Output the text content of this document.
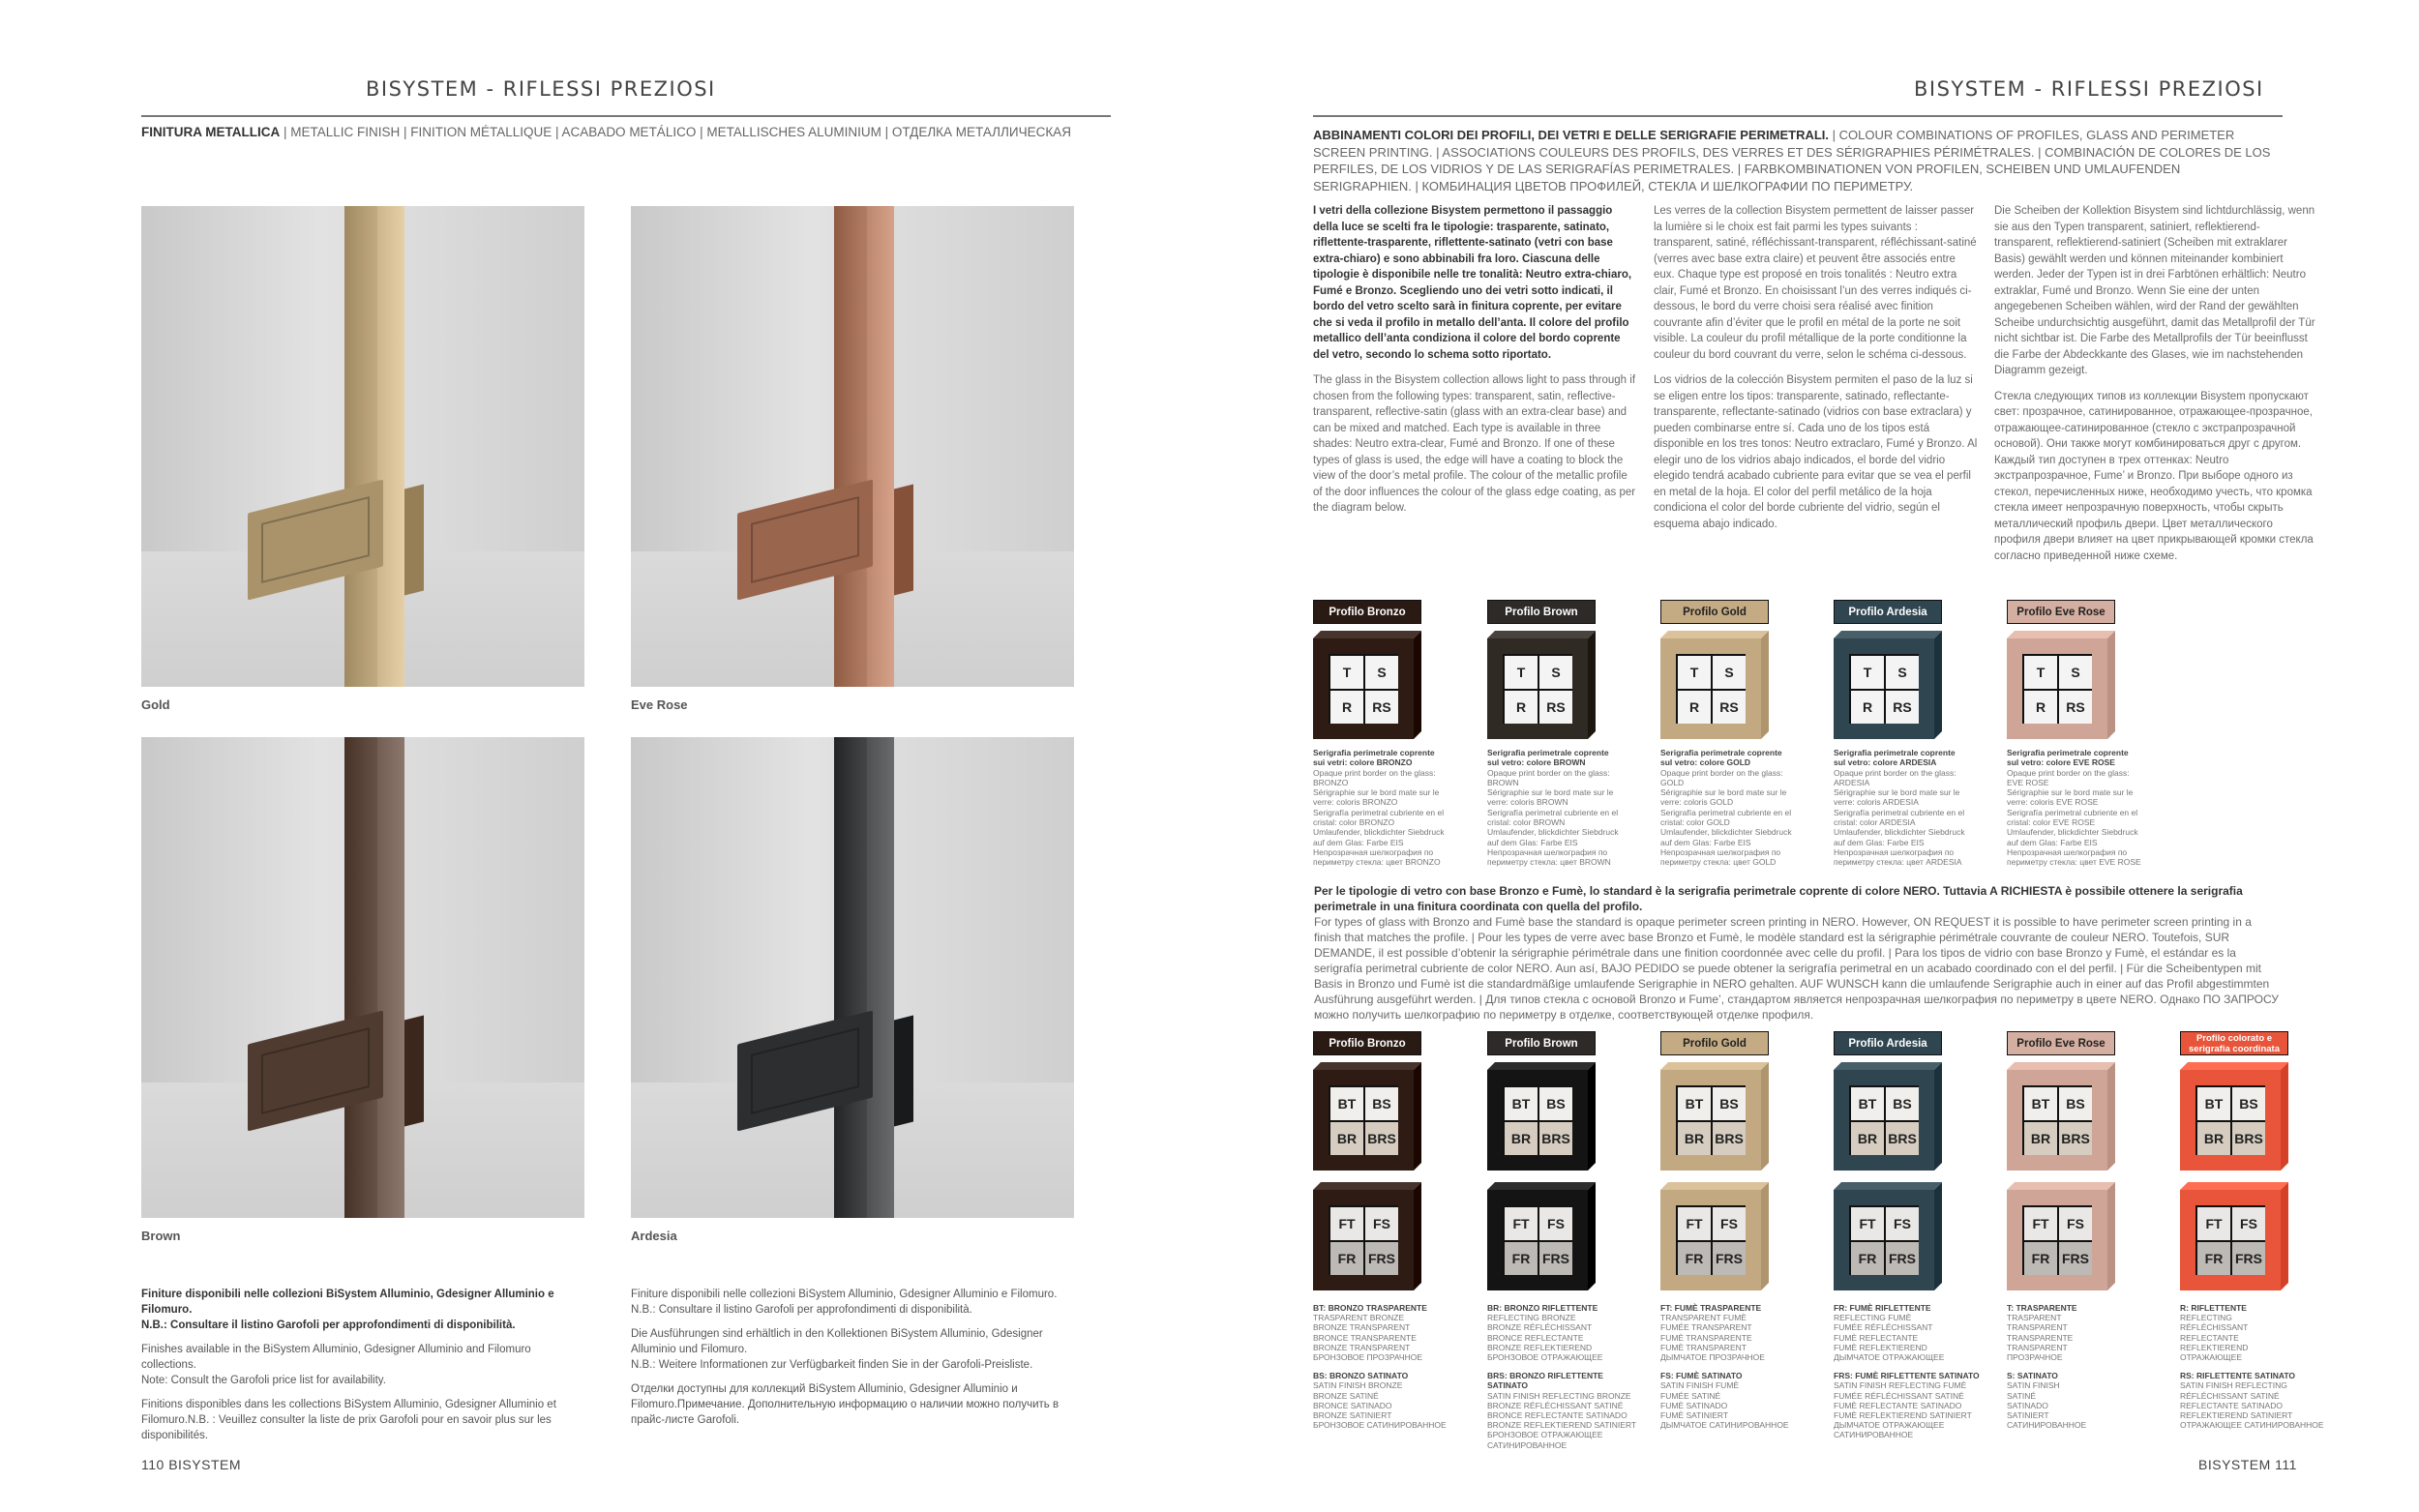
BISYSTEM - RIFLESSI PREZIOSI
FINITURA METALLICA | METALLIC FINISH | FINITION MÉTALLIQUE | ACABADO METÁLICO | METALLISCHES ALUMINIUM | ОТДЕЛКА МЕТАЛЛИЧЕСКАЯ
Gold	Eve Rose
Brown	Ardesia

Finiture disponibili nelle collezioni BiSystem Alluminio, Gdesigner Alluminio e Filomuro.
N.B.: Consultare il listino Garofoli per approfondimenti di disponibilità.

Finishes available in the BiSystem Alluminio, Gdesigner Alluminio and Filomuro collections.
Note: Consult the Garofoli price list for availability.

Finitions disponibles dans les collections BiSystem Alluminio, Gdesigner Alluminio et Filomuro.N.B. : Veuillez consulter la liste de prix Garofoli pour en savoir plus sur les disponibilités.

Finiture disponibili nelle collezioni BiSystem Alluminio, Gdesigner Alluminio e Filomuro.
N.B.: Consultare il listino Garofoli per approfondimenti di disponibilità.

Die Ausführungen sind erhältlich in den Kollektionen BiSystem Alluminio, Gdesigner Alluminio und Filomuro.
N.B.: Weitere Informationen zur Verfügbarkeit finden Sie in der Garofoli-Preisliste.

Отделки доступны для коллекций BiSystem Alluminio, Gdesigner Alluminio и Filomuro.Примечание. Дополнительную информацию о наличии можно получить в прайс-листе Garofoli.

110 BISYSTEM
BISYSTEM - RIFLESSI PREZIOSI
ABBINAMENTI COLORI DEI PROFILI, DEI VETRI E DELLE SERIGRAFIE PERIMETRALI. | COLOUR COMBINATIONS OF PROFILES, GLASS AND PERIMETER SCREEN PRINTING. | ASSOCIATIONS COULEURS DES PROFILS, DES VERRES ET DES SÉRIGRAPHIES PÉRIMÉTRALES. | COMBINACIÓN DE COLORES DE LOS PERFILES, DE LOS VIDRIOS Y DE LAS SERIGRAFÍAS PERIMETRALES. | FARBKOMBINATIONEN VON PROFILEN, SCHEIBEN UND UMLAUFENDEN SERIGRAPHIEN. | КОМБИНАЦИЯ ЦВЕТОВ ПРОФИЛЕЙ, СТЕКЛА И ШЕЛКОГРАФИИ ПО ПЕРИМЕТРУ.

I vetri della collezione Bisystem permettono il passaggio della luce se scelti fra le tipologie: trasparente, satinato, riflettente-trasparente, riflettente-satinato (vetri con base extra-chiaro) e sono abbinabili fra loro. Ciascuna delle tipologie è disponibile nelle tre tonalità: Neutro extra-chiaro, Fumé e Bronzo. Scegliendo uno dei vetri sotto indicati, il bordo del vetro scelto sarà in finitura coprente, per evitare che si veda il profilo in metallo dell’anta. Il colore del profilo metallico dell’anta condiziona il colore del bordo coprente del vetro, secondo lo schema sotto riportato.

The glass in the Bisystem collection allows light to pass through if chosen from the following types: transparent, satin, reflective-transparent, reflective-satin (glass with an extra-clear base) and can be mixed and matched. Each type is available in three shades: Neutro extra-clear, Fumé and Bronzo. If one of these types of glass is used, the edge will have a coating to block the view of the door’s metal profile. The colour of the metallic profile of the door influences the colour of the glass edge coating, as per the diagram below.

Les verres de la collection Bisystem permettent de laisser passer la lumière si le choix est fait parmi les types suivants : transparent, satiné, réfléchissant-transparent, réfléchissant-satiné (verres avec base extra claire) et peuvent être associés entre eux. Chaque type est proposé en trois tonalités : Neutro extra clair, Fumé et Bronzo. En choisissant l’un des verres indiqués ci-dessous, le bord du verre choisi sera réalisé avec finition couvrante afin d’éviter que le profil en métal de la porte ne soit visible. La couleur du profil métallique de la porte conditionne la couleur du bord couvrant du verre, selon le schéma ci-dessous.

Los vidrios de la colección Bisystem permiten el paso de la luz si se eligen entre los tipos: transparente, satinado, reflectante-transparente, reflectante-satinado (vidrios con base extraclara) y pueden combinarse entre sí. Cada uno de los tipos está disponible en los tres tonos: Neutro extraclaro, Fumé y Bronzo. Al elegir uno de los vidrios abajo indicados, el borde del vidrio elegido tendrá acabado cubriente para evitar que se vea el perfil en metal de la hoja. El color del perfil metálico de la hoja condiciona el color del borde cubriente del vidrio, según el esquema abajo indicado.

Die Scheiben der Kollektion Bisystem sind lichtdurchlässig, wenn sie aus den Typen transparent, satiniert, reflektierend-transparent, reflektierend-satiniert (Scheiben mit extraklarer Basis) gewählt werden und können miteinander kombiniert werden. Jeder der Typen ist in drei Farbtönen erhältlich: Neutro extraklar, Fumé und Bronzo. Wenn Sie eine der unten angegebenen Scheiben wählen, wird der Rand der gewählten Scheibe undurchsichtig ausgeführt, damit das Metallprofil der Tür nicht sichtbar ist. Die Farbe des Metallprofils der Tür beeinflusst die Farbe der Abdeckkante des Glases, wie im nachstehenden Diagramm gezeigt.

Стекла следующих типов из коллекции Bisystem пропускают свет: прозрачное, сатинированное, отражающее-прозрачное, отражающее-сатинированное (стекло с экстрапрозрачной основой). Они также могут комбинироваться друг с другом. Каждый тип доступен в трех оттенках: Neutro экстрапрозрачное, Fume’ и Bronzo. При выборе одного из стекол, перечисленных ниже, необходимо учесть, что кромка стекла имеет непрозрачную поверхность, чтобы скрыть металлический профиль двери. Цвет металлического профиля двери влияет на цвет прикрывающей кромки стекла согласно приведенной ниже схеме.

Profilo Bronzo
T	S
R	RS
Serigrafia perimetrale coprente sui vetri: colore BRONZO
Opaque print border on the glass: BRONZO
Sérigraphie sur le bord mate sur le verre: coloris BRONZO
Serigrafía perimetral cubriente en el cristal: color BRONZO
Umlaufender, blickdichter Siebdruck auf dem Glas: Farbe EIS
Непрозрачная шелкография по периметру стекла: цвет BRONZO
Profilo Brown
T	S
R	RS
Serigrafia perimetrale coprente sul vetro: colore BROWN
Opaque print border on the glass: BROWN
Sérigraphie sur le bord mate sur le verre: coloris BROWN
Serigrafía perimetral cubriente en el cristal: color BROWN
Umlaufender, blickdichter Siebdruck auf dem Glas: Farbe EIS
Непрозрачная шелкография по периметру стекла: цвет BROWN
Profilo Gold
T	S
R	RS
Serigrafia perimetrale coprente sul vetro: colore GOLD
Opaque print border on the glass: GOLD
Sérigraphie sur le bord mate sur le verre: coloris GOLD
Serigrafía perimetral cubriente en el cristal: color GOLD
Umlaufender, blickdichter Siebdruck auf dem Glas: Farbe EIS
Непрозрачная шелкография по периметру стекла: цвет GOLD
Profilo Ardesia
T	S
R	RS
Serigrafia perimetrale coprente sul vetro: colore ARDESIA
Opaque print border on the glass: ARDESIA
Sérigraphie sur le bord mate sur le verre: coloris ARDESIA
Serigrafía perimetral cubriente en el cristal: color ARDESIA
Umlaufender, blickdichter Siebdruck auf dem Glas: Farbe EIS
Непрозрачная шелкография по периметру стекла: цвет ARDESIA
Profilo Eve Rose
T	S
R	RS
Serigrafia perimetrale coprente sul vetro: colore EVE ROSE
Opaque print border on the glass: EVE ROSE
Sérigraphie sur le bord mate sur le verre: coloris EVE ROSE
Serigrafía perimetral cubriente en el cristal: color EVE ROSE
Umlaufender, blickdichter Siebdruck auf dem Glas: Farbe EIS
Непрозрачная шелкография по периметру стекла: цвет EVE ROSE
BISYSTEM 111
Per le tipologie di vetro con base Bronzo e Fumè, lo standard è la serigrafia perimetrale coprente di colore NERO. Tuttavia A RICHIESTA è possibile ottenere la serigrafia perimetrale in una finitura coordinata con quella del profilo.
For types of glass with Bronzo and Fumè base the standard is opaque perimeter screen printing in NERO. However, ON REQUEST it is possible to have perimeter screen printing in a finish that matches the profile. | Pour les types de verre avec base Bronzo et Fumè, le modèle standard est la sérigraphie périmétrale couvrante de couleur NERO. Toutefois, SUR DEMANDE, il est possible d’obtenir la sérigraphie périmétrale dans une finition coordonnée avec celle du profil. | Para los tipos de vidrio con base Bronzo y Fumè, el estándar es la serigrafía perimetral cubriente de color NERO. Aun así, BAJO PEDIDO se puede obtener la serigrafía perimetral en un acabado coordinado con el del perfil. | Für die Scheibentypen mit Basis in Bronzo und Fumè ist die standardmäßige umlaufende Serigraphie in NERO gehalten. AUF WUNSCH kann die umlaufende Serigraphie auch in einer auf das Profil abgestimmten Ausführung ausgeführt werden. | Для типов стекла с основой Bronzo и Fume’, стандартом является непрозрачная шелкография по периметру в цвете NERO. Однако ПО ЗАПРОСУ можно получить шелкографию по периметру в отделке, соответствующей отделке профиля.
Profilo Bronzo
BT	BS
BR BRS
FT	FS
FR FRS
Profilo Brown
BT	BS
BR BRS
FT	FS
FR FRS
Profilo Gold
BT	BS
BR BRS
FT	FS
FR FRS
Profilo Ardesia
BT	BS
BR BRS
FT	FS
FR FRS
Profilo Eve Rose
BT	BS
BR BRS
FT	FS
FR FRS
Profilo colorato e serigrafia coordinata
BT	BS
BR BRS
FT	FS
FR FRS

BT: BRONZO TRASPARENTE
TRASPARENT BRONZE
BRONZE TRANSPARENT
BRONCE TRANSPARENTE
BRONZE TRANSPARENT
БРОНЗОВОЕ ПРОЗРАЧНОЕ

BS: BRONZO SATINATO
SATIN FINISH BRONZE
BRONZE SATINÉ
BRONCE SATINADO
BRONZE SATINIERT
БРОНЗОВОЕ САТИНИРОВАННОЕ

BR: BRONZO RIFLETTENTE
REFLECTING BRONZE
BRONZE RÉFLÉCHISSANT
BRONCE REFLECTANTE
BRONZE REFLEKTIEREND
БРОНЗОВОЕ ОТРАЖАЮЩЕЕ

BRS: BRONZO RIFLETTENTE SATINATO
SATIN FINISH REFLECTING BRONZE
BRONZE RÉFLÉCHISSANT SATINÉ
BRONCE REFLECTANTE SATINADO
BRONZE REFLEKTIEREND SATINIERT
БРОНЗОВОЕ ОТРАЖАЮЩЕЕ САТИНИРОВАННОЕ

FT: FUMÈ TRASPARENTE
TRANSPARENT FUMÈ
FUMÉE TRANSPARENT
FUMÈ TRANSPARENTE
FUMÈ TRANSPARENT
ДЫМЧАТОЕ ПРОЗРАЧНОЕ

FS: FUMÈ SATINATO
SATIN FINISH FUMÈ
FUMÉE SATINÉ
FUMÈ SATINADO
FUMÈ SATINIERT
ДЫМЧАТОЕ САТИНИРОВАННОЕ

FR: FUMÈ RIFLETTENTE
REFLECTING FUMÈ
FUMÉE RÉFLÉCHISSANT
FUMÈ REFLECTANTE
FUMÈ REFLEKTIEREND
ДЫМЧАТОЕ ОТРАЖАЮЩЕЕ

FRS: FUMÈ RIFLETTENTE SATINATO
SATIN FINISH REFLECTING FUMÈ
FUMÉE RÉFLÉCHISSANT SATINÉ
FUMÈ REFLECTANTE SATINADO
FUMÈ REFLEKTIEREND SATINIERT
ДЫМЧАТОЕ ОТРАЖАЮЩЕЕ САТИНИРОВАННОЕ

T: TRASPARENTE
TRASPARENT
TRANSPARENT
TRANSPARENTE
TRANSPARENT
ПРОЗРАЧНОЕ

S: SATINATO
SATIN FINISH
SATINÉ
SATINADO
SATINIERT
САТИНИРОВАННОЕ

R: RIFLETTENTE
REFLECTING
RÉFLÉCHISSANT
REFLECTANTE
REFLEKTIEREND
ОТРАЖАЮЩЕЕ

RS: RIFLETTENTE SATINATO
SATIN FINISH REFLECTING
RÉFLÉCHISSANT SATINÉ
REFLECTANTE SATINADO
REFLEKTIEREND SATINIERT
ОТРАЖАЮЩЕЕ САТИНИРОВАННОЕ
